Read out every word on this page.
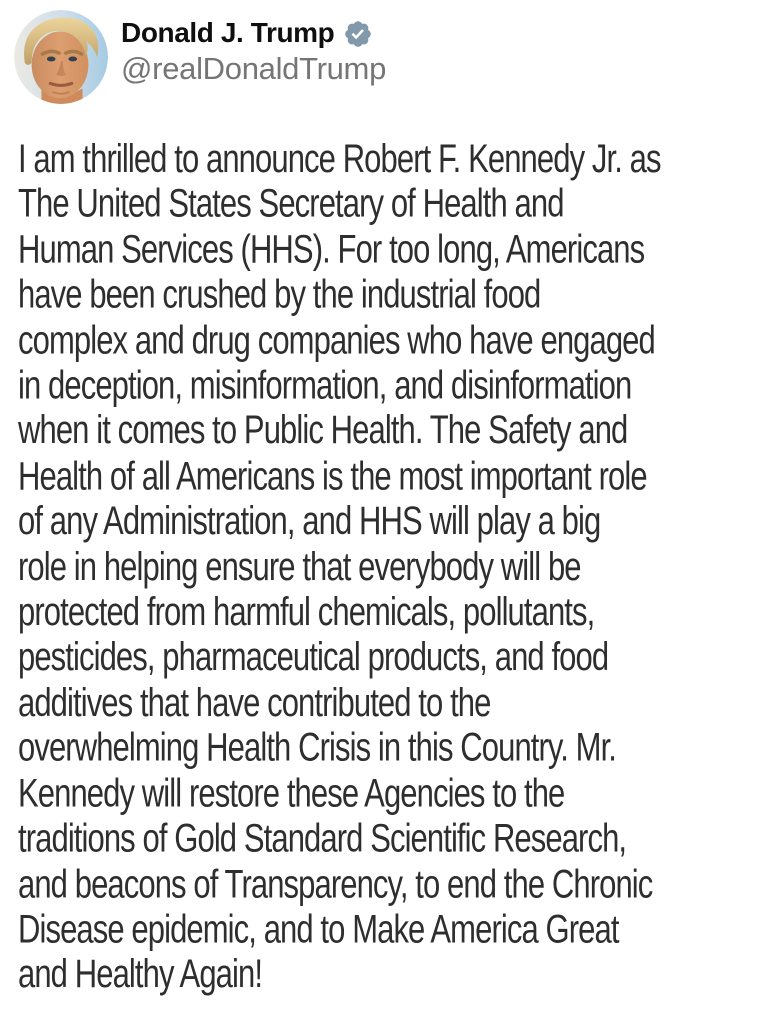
Donald J. Trump
@realDonaldTrump
I am thrilled to announce Robert F. Kennedy Jr. as
The United States Secretary of Health and
Human Services (HHS). For too long, Americans
have been crushed by the industrial food
complex and drug companies who have engaged
in deception, misinformation, and disinformation
when it comes to Public Health. The Safety and
Health of all Americans is the most important role
of any Administration, and HHS will play a big
role in helping ensure that everybody will be
protected from harmful chemicals, pollutants,
pesticides, pharmaceutical products, and food
additives that have contributed to the
overwhelming Health Crisis in this Country. Mr.
Kennedy will restore these Agencies to the
traditions of Gold Standard Scientific Research,
and beacons of Transparency, to end the Chronic
Disease epidemic, and to Make America Great
and Healthy Again!
